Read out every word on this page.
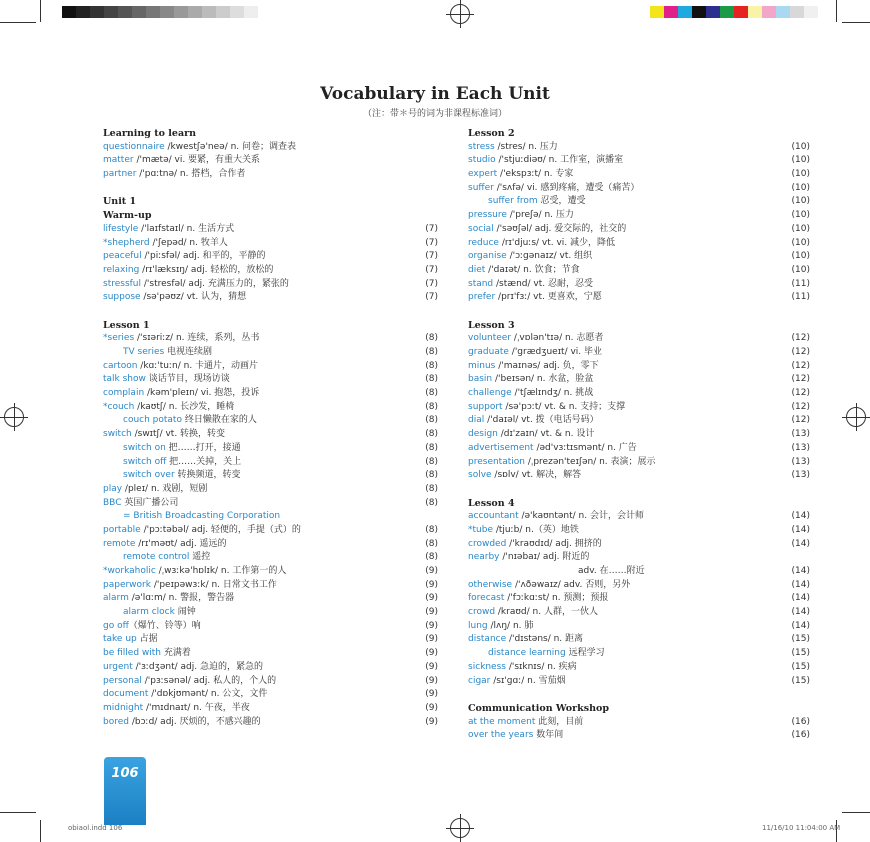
Vocabulary in Each Unit
（注：带＊号的词为非课程标准词）
Learning to learn
questionnaire /kwestʃə'neə/ n. 问卷；调查表
matter /'mætə/ vi. 要紧，有重大关系
partner /'pɑːtnə/ n. 搭档，合作者
Unit 1
Warm-up
lifestyle /'laɪfstaɪl/ n. 生活方式	(7)
*shepherd /'ʃepəd/ n. 牧羊人	(7)
peaceful /'piːsfəl/ adj. 和平的，平静的	(7)
relaxing /rɪ'læksɪŋ/ adj. 轻松的，放松的	(7)
stressful /'stresfəl/ adj. 充满压力的，紧张的	(7)
suppose /sə'pəʊz/ vt. 认为，猜想	(7)
Lesson 1
*series /'sɪəriːz/ n. 连续，系列，丛书	(8)
TV series 电视连续剧	(8)
cartoon /kɑː'tuːn/ n. 卡通片，动画片	(8)
talk show 谈话节目，现场访谈	(8)
complain /kəm'pleɪn/ vi. 抱怨，投诉	(8)
*couch /kaʊtʃ/ n. 长沙发，睡椅	(8)
couch potato 终日懒散在家的人	(8)
switch /swɪtʃ/ vt. 转换，转变	(8)
switch on 把……打开，接通	(8)
switch off 把……关掉，关上	(8)
switch over 转换频道，转变	(8)
play /pleɪ/ n. 戏剧，短剧	(8)
BBC 英国广播公司	(8)
= British Broadcasting Corporation
portable /'pɔːtəbəl/ adj. 轻便的，手提（式）的	(8)
remote /rɪ'məʊt/ adj. 遥远的	(8)
remote control 遥控	(8)
*workaholic /ˌwɜːkə'hɒlɪk/ n. 工作第一的人	(9)
paperwork /'peɪpəwɜːk/ n. 日常文书工作	(9)
alarm /ə'lɑːm/ n. 警报，警告器	(9)
alarm clock 闹钟	(9)
go off（爆竹、铃等）响	(9)
take up 占据	(9)
be filled with 充满着	(9)
urgent /'ɜːdʒənt/ adj. 急迫的，紧急的	(9)
personal /'pɜːsənəl/ adj. 私人的，个人的	(9)
document /'dɒkjʊmənt/ n. 公文，文件	(9)
midnight /'mɪdnaɪt/ n. 午夜，半夜	(9)
bored /bɔːd/ adj. 厌烦的，不感兴趣的	(9)
Lesson 2
stress /stres/ n. 压力	(10)
studio /'stjuːdiəʊ/ n. 工作室，演播室	(10)
expert /'ekspɜːt/ n. 专家	(10)
suffer /'sʌfə/ vi. 感到疼痛，遭受（痛苦）	(10)
suffer from 忍受，遭受	(10)
pressure /'preʃə/ n. 压力	(10)
social /'səʊʃəl/ adj. 爱交际的，社交的	(10)
reduce /rɪ'djuːs/ vt. vi. 减少，降低	(10)
organise /'ɔːgənaɪz/ vt. 组织	(10)
diet /'daɪət/ n. 饮食；节食	(10)
stand /stænd/ vt. 忍耐，忍受	(11)
prefer /prɪ'fɜː/ vt. 更喜欢，宁愿	(11)
Lesson 3
volunteer /ˌvɒlən'tɪə/ n. 志愿者	(12)
graduate /'grædʒueɪt/ vi. 毕业	(12)
minus /'maɪnəs/ adj. 负，零下	(12)
basin /'beɪsən/ n. 水盆，脸盆	(12)
challenge /'tʃælɪndʒ/ n. 挑战	(12)
support /sə'pɔːt/ vt. & n. 支持；支撑	(12)
dial /'daɪəl/ vt. 拨（电话号码）	(12)
design /dɪ'zaɪn/ vt. & n. 设计	(13)
advertisement /əd'vɜːtɪsmənt/ n. 广告	(13)
presentation /ˌprezən'teɪʃən/ n. 表演；展示	(13)
solve /sɒlv/ vt. 解决，解答	(13)
Lesson 4
accountant /ə'kaʊntənt/ n. 会计，会计师	(14)
*tube /tjuːb/ n.（英）地铁	(14)
crowded /'kraʊdɪd/ adj. 拥挤的	(14)
nearby /'nɪəbaɪ/ adj. 附近的
adv. 在……附近	(14)
otherwise /'ʌðəwaɪz/ adv. 否则，另外	(14)
forecast /'fɔːkɑːst/ n. 预测；预报	(14)
crowd /kraʊd/ n. 人群，一伙人	(14)
lung /lʌŋ/ n. 肺	(14)
distance /'dɪstəns/ n. 距离	(15)
distance learning 远程学习	(15)
sickness /'sɪknɪs/ n. 疾病	(15)
cigar /sɪ'gɑː/ n. 雪茄烟	(15)
Communication Workshop
at the moment 此刻，目前	(16)
over the years 数年间	(16)
106
obiaol.indd 106	11/16/10 11:04:00 AM
